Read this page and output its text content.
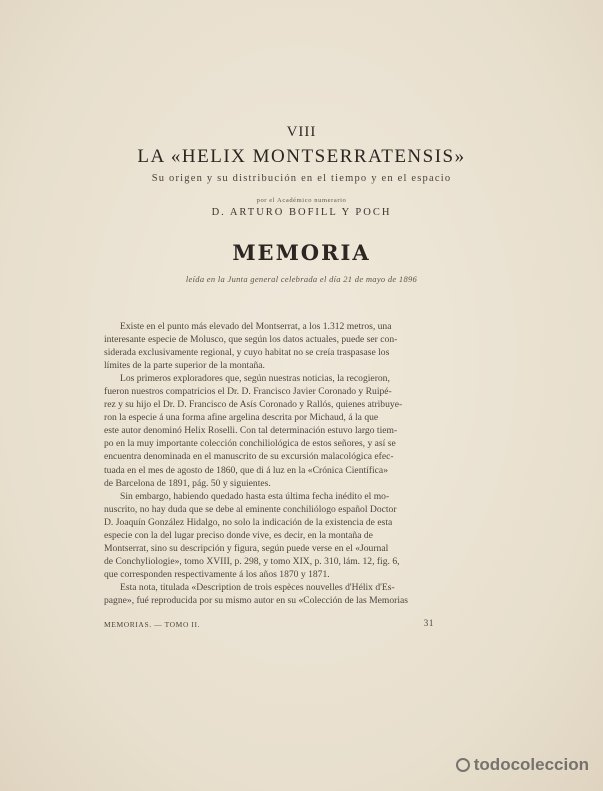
VIII
LA «HELIX MONTSERRATENSIS»
Su origen y su distribución en el tiempo y en el espacio
por el Académico numerario
D. ARTURO BOFILL Y POCH
MEMORIA
leída en la Junta general celebrada el día 21 de mayo de 1896
Existe en el punto más elevado del Montserrat, a los 1.312 metros, una
interesante especie de Molusco, que según los datos actuales, puede ser con-
siderada exclusivamente regional, y cuyo habitat no se creía traspasase los
límites de la parte superior de la montaña.
Los primeros exploradores que, según nuestras noticias, la recogieron,
fueron nuestros compatricios el Dr. D. Francisco Javier Coronado y Ruipé-
rez y su hijo el Dr. D. Francisco de Asís Coronado y Rallós, quienes atribuye-
ron la especie á una forma afine argelina descrita por Michaud, á la que
este autor denominó Helix Roselli. Con tal determinación estuvo largo tiem-
po en la muy importante colección conchiliológica de estos señores, y así se
encuentra denominada en el manuscrito de su excursión malacológica efec-
tuada en el mes de agosto de 1860, que di á luz en la «Crónica Científica»
de Barcelona de 1891, pág. 50 y siguientes.
Sin embargo, habiendo quedado hasta esta última fecha inédito el mo-
nuscrito, no hay duda que se debe al eminente conchiliólogo español Doctor
D. Joaquín González Hidalgo, no solo la indicación de la existencia de esta
especie con la del lugar preciso donde vive, es decir, en la montaña de
Montserrat, sino su descripción y figura, según puede verse en el «Journal
de Conchyliologie», tomo XVIII, p. 298, y tomo XIX, p. 310, lám. 12, fig. 6,
que corresponden respectivamente á los años 1870 y 1871.
Esta nota, titulada «Description de trois espèces nouvelles d'Hélix d'Es-
pagne», fué reproducida por su mismo autor en su «Colección de las Memorias
MEMORIAS. — TOMO II.	31
todocoleccion
